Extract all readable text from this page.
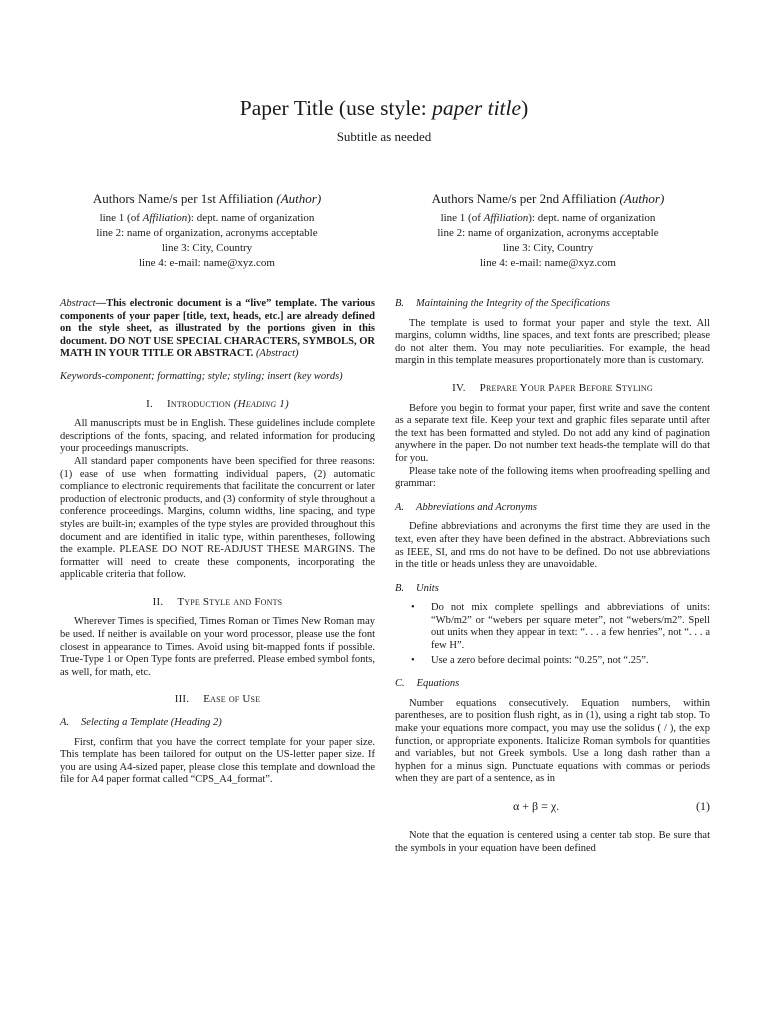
Paper Title (use style: paper title)
Subtitle as needed
Authors Name/s per 1st Affiliation (Author)
line 1 (of Affiliation): dept. name of organization
line 2: name of organization, acronyms acceptable
line 3: City, Country
line 4: e-mail: name@xyz.com
Authors Name/s per 2nd Affiliation (Author)
line 1 (of Affiliation): dept. name of organization
line 2: name of organization, acronyms acceptable
line 3: City, Country
line 4: e-mail: name@xyz.com

Abstract—This electronic document is a “live” template. The various components of your paper [title, text, heads, etc.] are already defined on the style sheet, as illustrated by the portions given in this document. DO NOT USE SPECIAL CHARACTERS, SYMBOLS, OR MATH IN YOUR TITLE OR ABSTRACT. (Abstract)

Keywords-component; formatting; style; styling; insert (key words)

I. Introduction (Heading 1)

All manuscripts must be in English. These guidelines include complete descriptions of the fonts, spacing, and related information for producing your proceedings manuscripts.

All standard paper components have been specified for three reasons: (1) ease of use when formatting individual papers, (2) automatic compliance to electronic requirements that facilitate the concurrent or later production of electronic products, and (3) conformity of style throughout a conference proceedings. Margins, column widths, line spacing, and type styles are built-in; examples of the type styles are provided throughout this document and are identified in italic type, within parentheses, following the example. PLEASE DO NOT RE-ADJUST THESE MARGINS. The formatter will need to create these components, incorporating the applicable criteria that follow.

II. Type Style and Fonts

Wherever Times is specified, Times Roman or Times New Roman may be used. If neither is available on your word processor, please use the font closest in appearance to Times. Avoid using bit-mapped fonts if possible. True-Type 1 or Open Type fonts are preferred. Please embed symbol fonts, as well, for math, etc.

III. Ease of Use

A. Selecting a Template (Heading 2)

First, confirm that you have the correct template for your paper size. This template has been tailored for output on the US-letter paper size. If you are using A4-sized paper, please close this template and download the file for A4 paper format called “CPS_A4_format”.

B. Maintaining the Integrity of the Specifications

The template is used to format your paper and style the text. All margins, column widths, line spaces, and text fonts are prescribed; please do not alter them. You may note peculiarities. For example, the head margin in this template measures proportionately more than is customary.

IV. Prepare Your Paper Before Styling

Before you begin to format your paper, first write and save the content as a separate text file. Keep your text and graphic files separate until after the text has been formatted and styled. Do not add any kind of pagination anywhere in the paper. Do not number text heads-the template will do that for you.

Please take note of the following items when proofreading spelling and grammar:

A. Abbreviations and Acronyms

Define abbreviations and acronyms the first time they are used in the text, even after they have been defined in the abstract. Abbreviations such as IEEE, SI, and rms do not have to be defined. Do not use abbreviations in the title or heads unless they are unavoidable.

B. Units

• Do not mix complete spellings and abbreviations of units: “Wb/m2” or “webers per square meter”, not “webers/m2”. Spell out units when they appear in text: “. . . a few henries”, not “. . . a few H”.
• Use a zero before decimal points: “0.25”, not “.25”.

C. Equations

Number equations consecutively. Equation numbers, within parentheses, are to position flush right, as in (1), using a right tab stop. To make your equations more compact, you may use the solidus ( / ), the exp function, or appropriate exponents. Italicize Roman symbols for quantities and variables, but not Greek symbols. Use a long dash rather than a hyphen for a minus sign. Punctuate equations with commas or periods when they are part of a sentence, as in

α + β = χ.	(1)

Note that the equation is centered using a center tab stop. Be sure that the symbols in your equation have been defined
